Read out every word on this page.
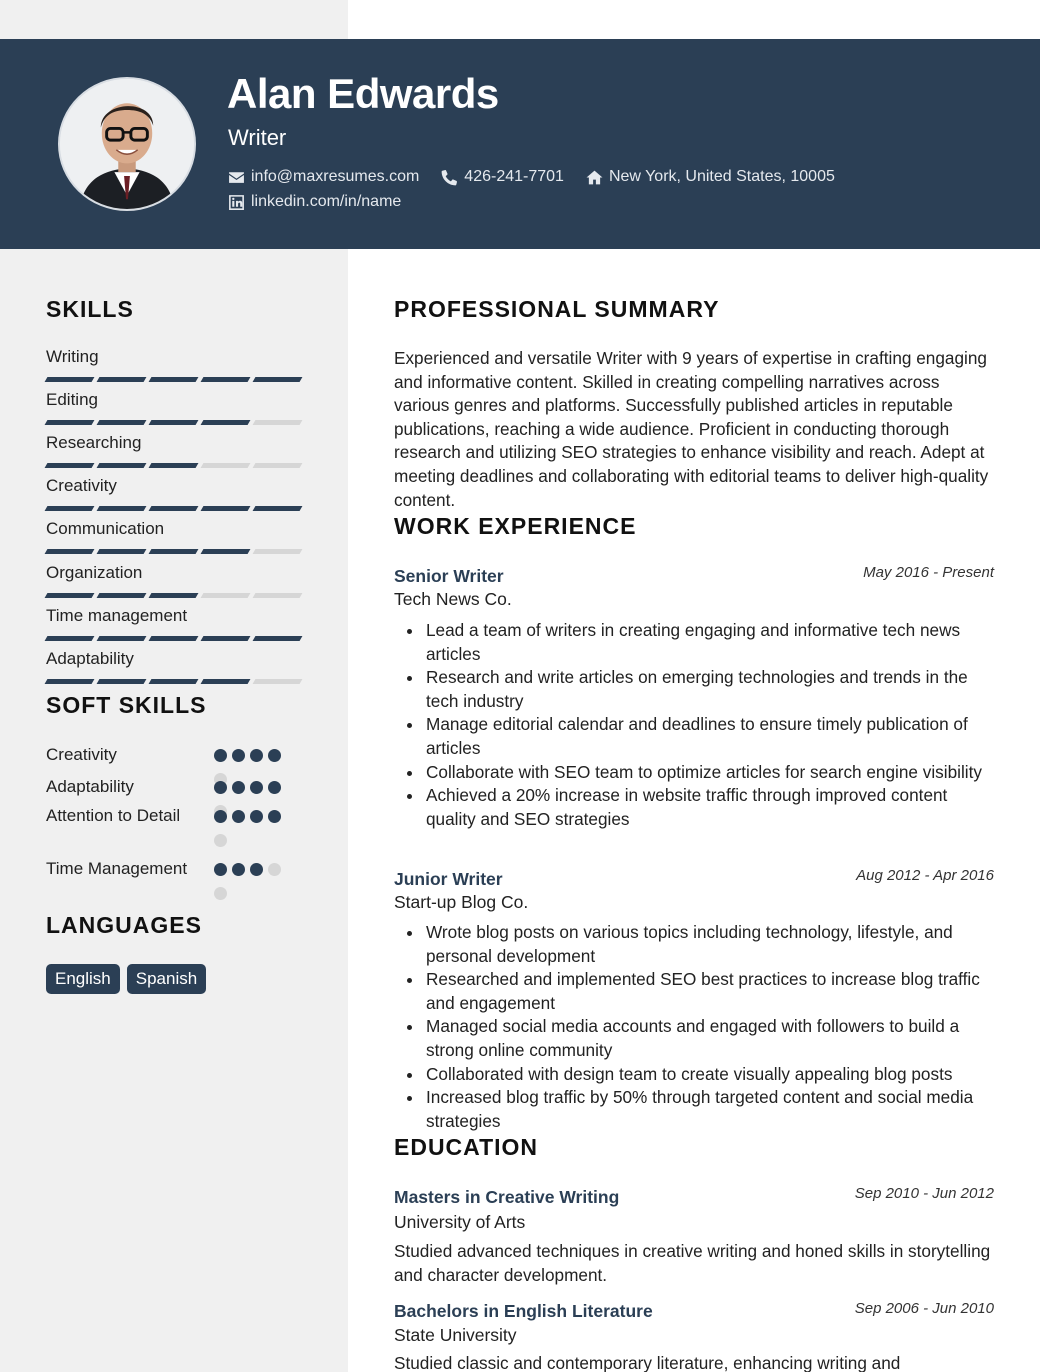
Alan Edwards
Writer
info@maxresumes.com	426-241-7701	New York, United States, 10005
linkedin.com/in/name
SKILLS
Writing
Editing
Researching
Creativity
Communication
Organization
Time management
Adaptability
SOFT SKILLS
Creativity
Adaptability
Attention to Detail
Time Management
LANGUAGES
English	Spanish
PROFESSIONAL SUMMARY
Experienced and versatile Writer with 9 years of expertise in crafting engaging and informative content. Skilled in creating compelling narratives across various genres and platforms. Successfully published articles in reputable publications, reaching a wide audience. Proficient in conducting thorough research and utilizing SEO strategies to enhance visibility and reach. Adept at meeting deadlines and collaborating with editorial teams to deliver high-quality content.
WORK EXPERIENCE
Senior Writer	May 2016 - Present
Tech News Co.
Lead a team of writers in creating engaging and informative tech news articles
Research and write articles on emerging technologies and trends in the tech industry
Manage editorial calendar and deadlines to ensure timely publication of articles
Collaborate with SEO team to optimize articles for search engine visibility
Achieved a 20% increase in website traffic through improved content quality and SEO strategies
Junior Writer	Aug 2012 - Apr 2016
Start-up Blog Co.
Wrote blog posts on various topics including technology, lifestyle, and personal development
Researched and implemented SEO best practices to increase blog traffic and engagement
Managed social media accounts and engaged with followers to build a strong online community
Collaborated with design team to create visually appealing blog posts
Increased blog traffic by 50% through targeted content and social media strategies
EDUCATION
Masters in Creative Writing	Sep 2010 - Jun 2012
University of Arts
Studied advanced techniques in creative writing and honed skills in storytelling and character development.
Bachelors in English Literature	Sep 2006 - Jun 2010
State University
Studied classic and contemporary literature, enhancing writing and
